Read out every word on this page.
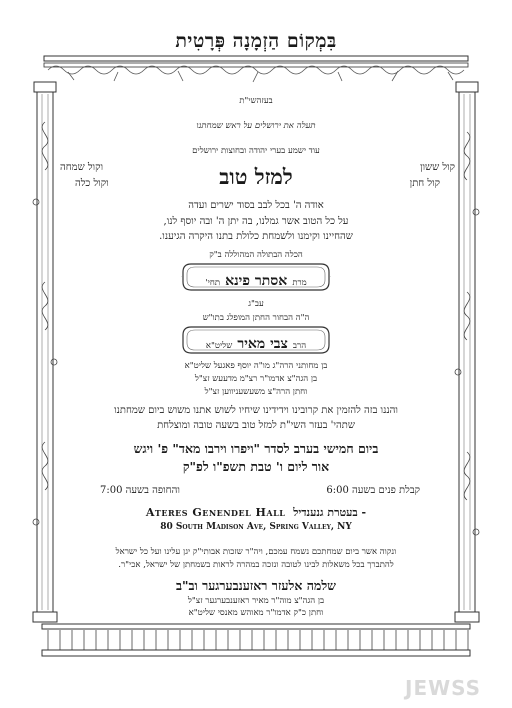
בִּמְקוֹם הַזְמָנָה פְּרָטִית
בעזהשי"ת
תעלה את ירושלים על ראש שמחתנו
עוד ישמע בערי יהודה ובחוצות ירושלים
קול ששון
וקול שמחה
קול חתן
וקול כלה	למזל טוב
אודה ה' בכל לבב בסוד ישרים ועדה
על כל הטוב אשר גמלנו, בה יתן ה' ובה יוסף לנו,
שהחיינו וקימנו ולשמחת כלולת בתנו היקרה הגיענו.
הכלה הבתולה המהוללה ב"ק
מרת אסתר פינא תחי'
עב"ג
ה"ה הבחור החתן המופלג בתו"ש
הרב צבי מאיר שליט"א
בן מחותני הרה"ג מו"ה יוסף פאגעל שליט"א
בן הגה"צ אדמו"ר רצ"מ מדעעש זצ"ל
וחתן הרה"צ משעשעניווען זצ"ל
והננו בזה להזמין את קרובינו וידידינו שיחיו לשוש אתנו משוש ביום שמחתנו
שתהי' בעזר השי"ת למזל טוב בשעה טובה ומוצלחת
ביום חמישי בערב לסדר "ויפרו וירבו מאד" פ' ויגש
אור ליום ו' טבת תשפ"ו לפ"ק
קבלת פנים בשעה 6:00
והחופה בשעה 7:00
Ateres Genendel Hall בעטרת גנענדיל -
80 South Madison Ave, Spring Valley, NY
ונקוה אשר ביום שמחתכם נשמח עמכם, ויה"ר שזכות אבותי"ק יגן עלינו ועל כל ישראל
להתברך בכל משאלות לבינו לטובה ונזכה במהרה לראות בשמחתן של ישראל, אכי"ר.
שלמה אלעזר ראזענבערגער וב"ב
בן הגה"צ מוה"ר מאיר ראזענבערגער זצ"ל
וחתן כ"ק אדמו"ר מאוהש מאנסי שליט"א
JEWSS
